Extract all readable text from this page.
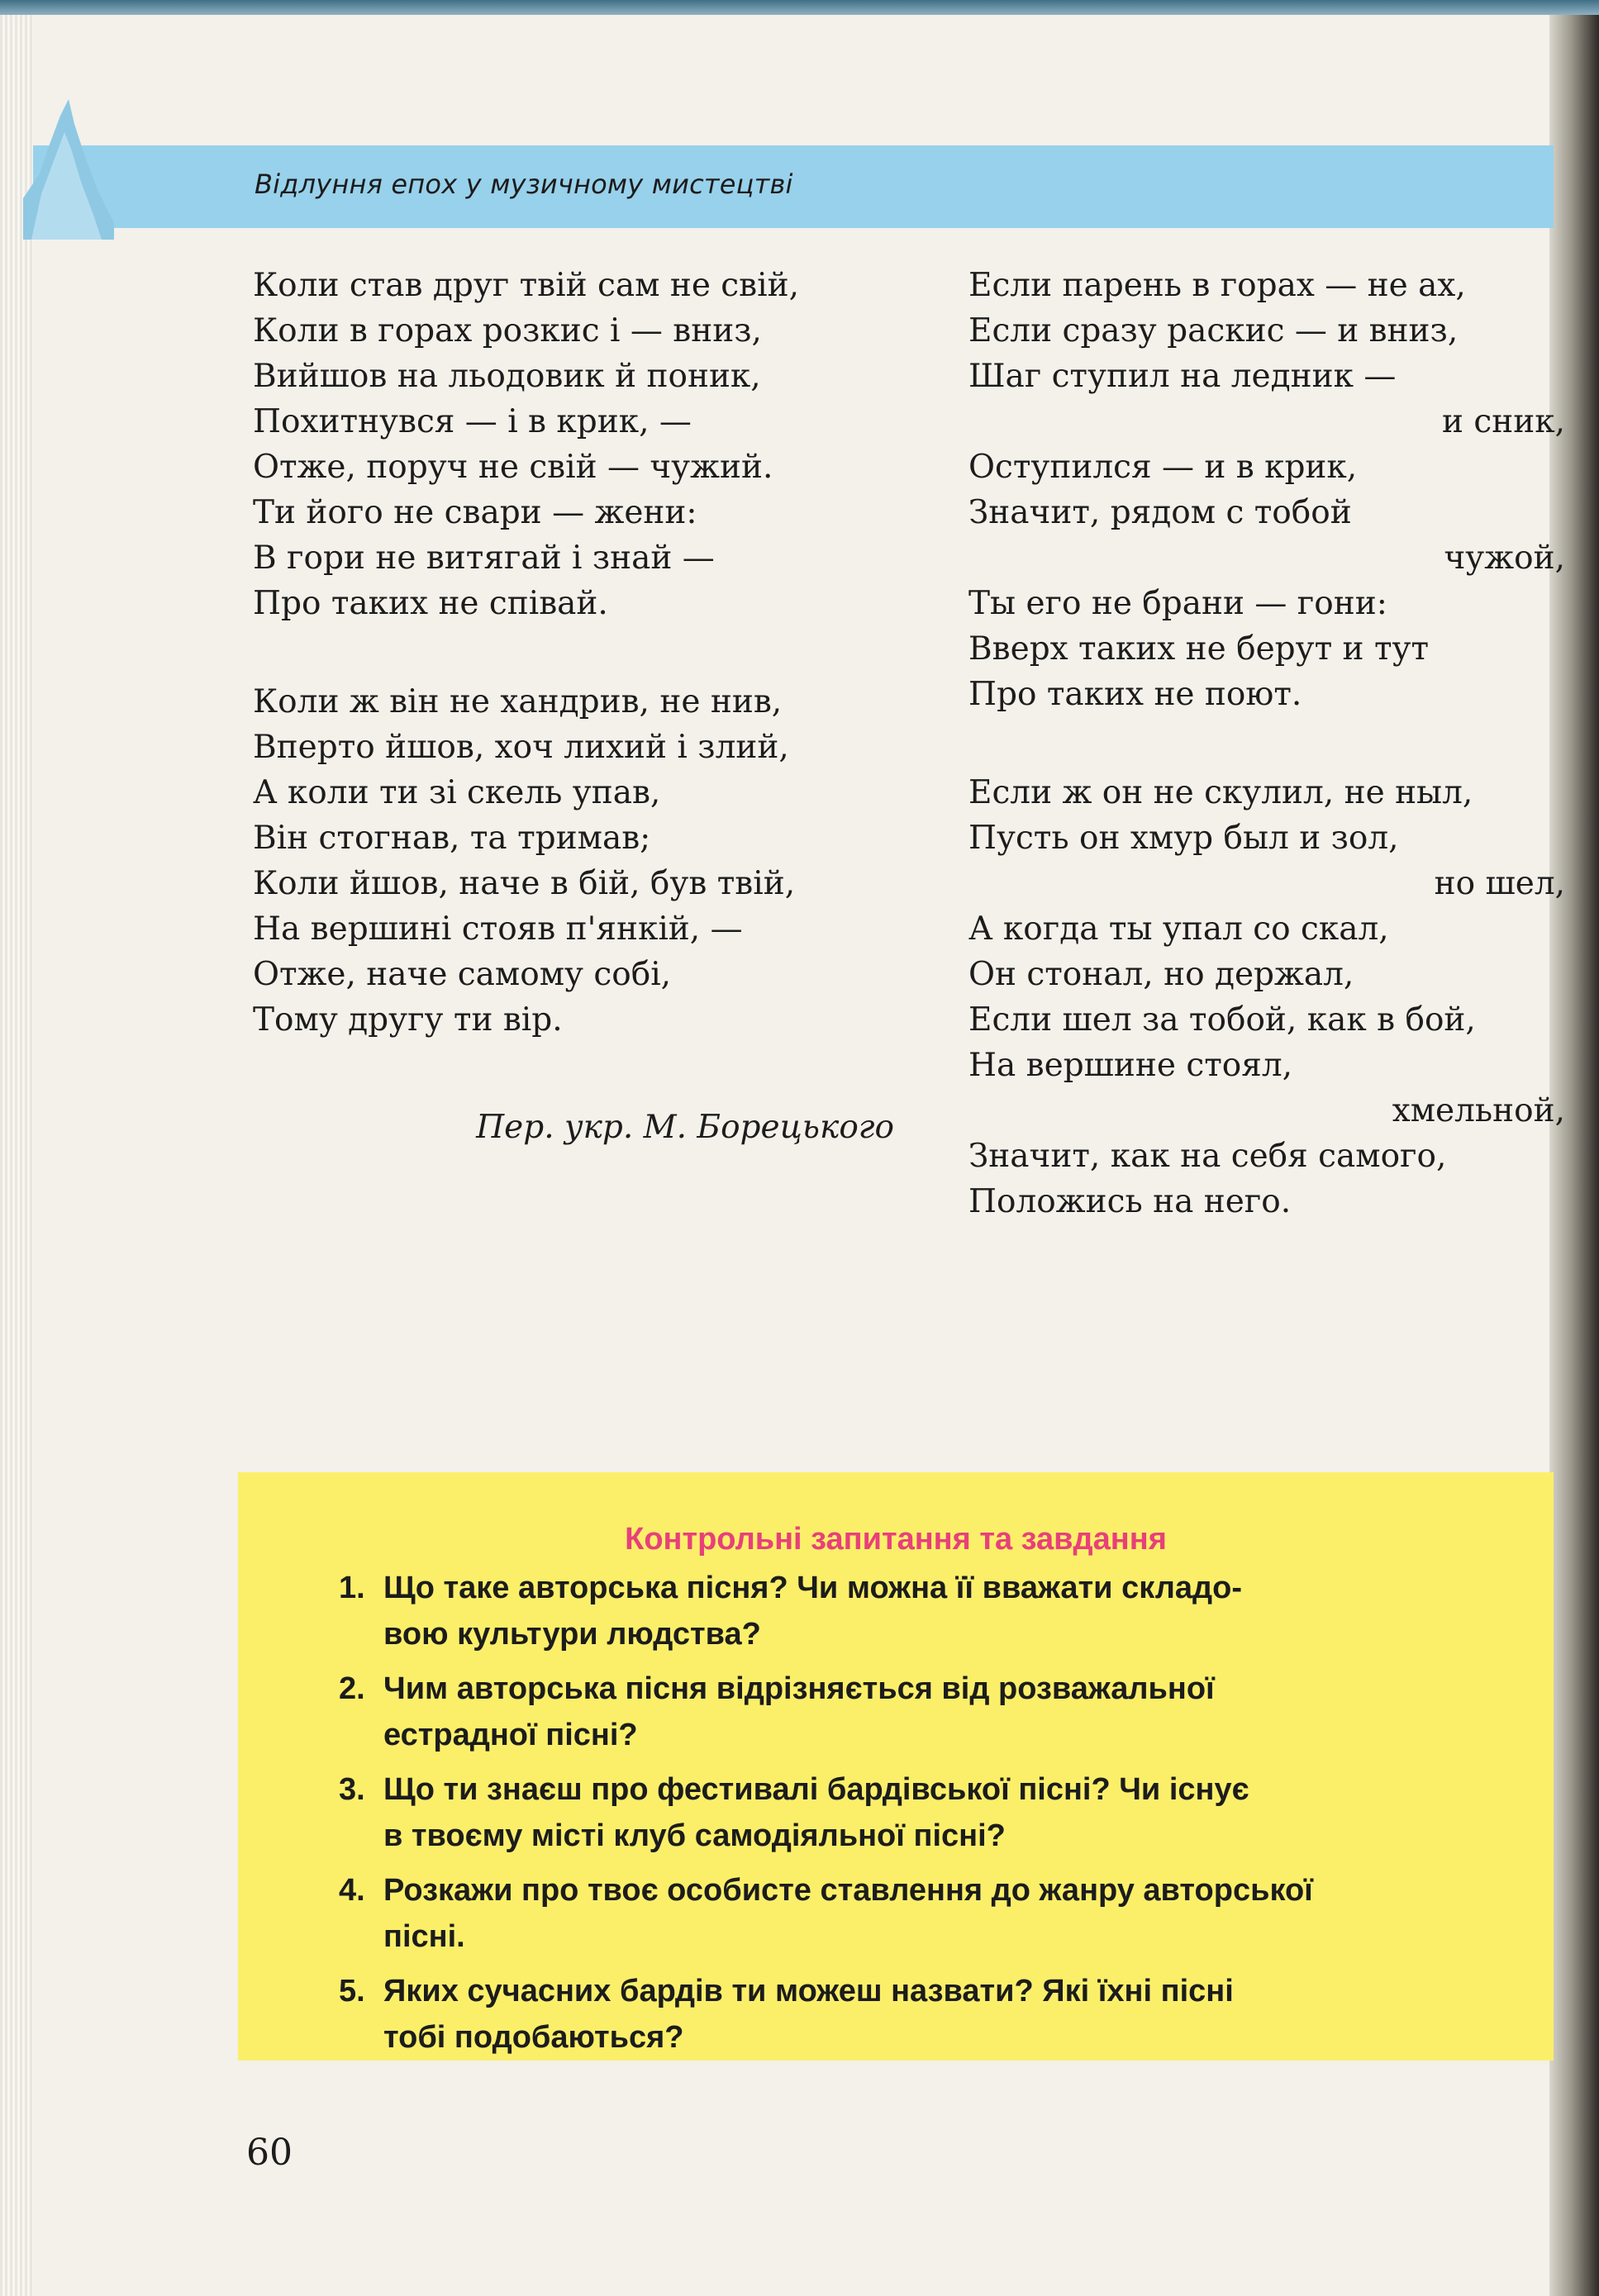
Відлуння епох у музичному мистецтві
Коли став друг твій сам не свій,
Коли в горах розкис і — вниз,
Вийшов на льодовик й поник,
Похитнувся — і в крик, —
Отже, поруч не свій — чужий.
Ти його не свари — жени:
В гори не витягай і знай —
Про таких не співай.
Коли ж він не хандрив, не нив,
Вперто йшов, хоч лихий і злий,
А коли ти зі скель упав,
Він стогнав, та тримав;
Коли йшов, наче в бій, був твій,
На вершині стояв п'янкій, —
Отже, наче самому собі,
Тому другу ти вір.
Пер. укр. М. Борецького
Если парень в горах — не ах,
Если сразу раскис — и вниз,
Шаг ступил на ледник —
и сник,
Оступился — и в крик,
Значит, рядом с тобой
чужой,
Ты его не брани — гони:
Вверх таких не берут и тут
Про таких не поют.
Если ж он не скулил, не ныл,
Пусть он хмур был и зол,
но шел,
А когда ты упал со скал,
Он стонал, но держал,
Если шел за тобой, как в бой,
На вершине стоял,
хмельной,
Значит, как на себя самого,
Положись на него.
Контрольні запитання та завдання
1. Що таке авторська пісня? Чи можна її вважати складо-
вою культури людства?
2. Чим авторська пісня відрізняється від розважальної
естрадної пісні?
3. Що ти знаєш про фестивалі бардівської пісні? Чи існує
в твоєму місті клуб самодіяльної пісні?
4. Розкажи про твоє особисте ставлення до жанру авторської
пісні.
5. Яких сучасних бардів ти можеш назвати? Які їхні пісні
тобі подобаються?
60
